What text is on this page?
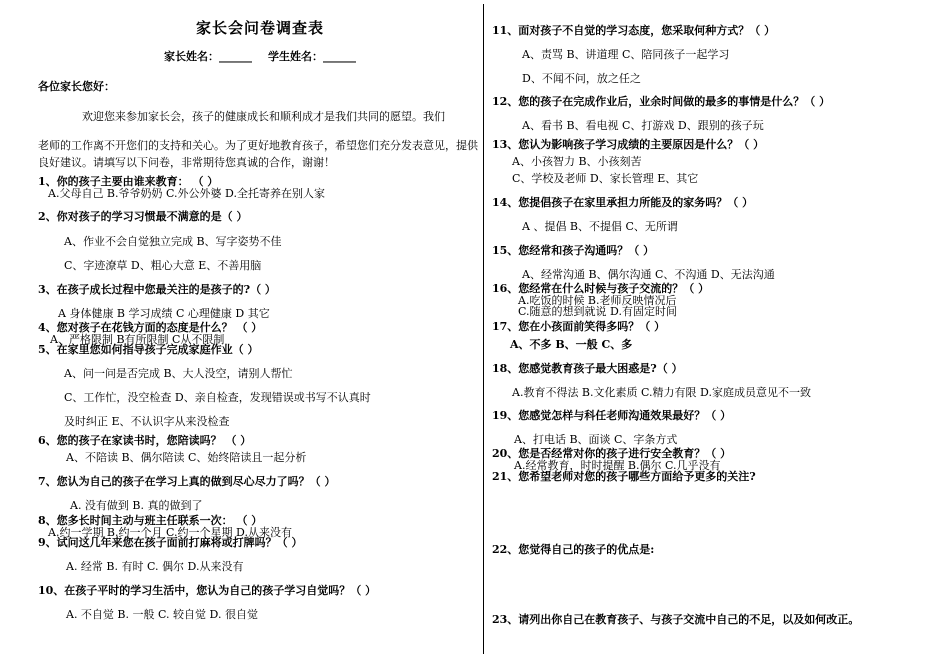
家长会问卷调查表
家长姓名：______ 学生姓名：______
各位家长您好：
欢迎您来参加家长会，孩子的健康成长和顺利成才是我们共同的愿望。我们
老师的工作离不开您们的支持和关心。为了更好地教育孩子，希望您们充分发表意见，提供
良好建议。请填写以下问卷，非常期待您真诚的合作，谢谢！
1、你的孩子主要由谁来教育： （ ）
A.父母自己 B.爷爷奶奶 C.外公外婆 D.全托寄养在别人家
2、你对孩子的学习习惯最不满意的是（ ）
A、作业不会自觉独立完成 B、写字姿势不佳
C、字迹潦草 D、粗心大意 E、不善用脑
3、在孩子成长过程中您最关注的是孩子的?（ ）
A 身体健康 B 学习成绩 C 心理健康 D 其它
4、您对孩子在花钱方面的态度是什么？ （ ）
A、严格限制 B有所限制 C从不限制
5、在家里您如何指导孩子完成家庭作业（ ）
A、问一问是否完成 B、大人没空，请别人帮忙
C、工作忙，没空检查 D、亲自检查，发现错误或书写不认真时
及时纠正 E、不认识字从来没检查
6、您的孩子在家读书时，您陪读吗？ （ ）
A、不陪读 B、偶尔陪读 C、始终陪读且一起分析
7、您认为自己的孩子在学习上真的做到尽心尽力了吗？（ ）
A. 没有做到 B. 真的做到了
8、您多长时间主动与班主任联系一次： （ ）
A.约一学期 B.约一个月 C.约一个星期 D.从来没有
9、试问这几年来您在孩子面前打麻将或打牌吗？（ ）
A. 经常 B. 有时 C. 偶尔 D.从来没有
10、在孩子平时的学习生活中，您认为自己的孩子学习自觉吗？（ ）
A. 不自觉 B. 一般 C. 较自觉 D. 很自觉
11、面对孩子不自觉的学习态度，您采取何种方式？（ ）
A、责骂 B、讲道理 C、陪同孩子一起学习
D、不闻不问，放之任之
12、您的孩子在完成作业后，业余时间做的最多的事情是什么？（ ）
A、看书 B、看电视 C、打游戏 D、跟别的孩子玩
13、您认为影响孩子学习成绩的主要原因是什么？（ ）
A、小孩智力 B、小孩刻苦
C、学校及老师 D、家长管理 E、其它
14、您提倡孩子在家里承担力所能及的家务吗？（ ）
A 、提倡 B、不提倡 C、无所谓
15、您经常和孩子沟通吗？（ ）
A、经常沟通 B、偶尔沟通 C、不沟通 D、无法沟通
16、您经常在什么时候与孩子交流的？（ ）
A.吃饭的时候 B.老师反映情况后
C.随意的想到就说 D.有固定时间
17、您在小孩面前笑得多吗？（ ）
A、不多 B、一般 C、多
18、您感觉教育孩子最大困惑是?（ ）
A.教育不得法 B.文化素质 C.精力有限 D.家庭成员意见不一致
19、您感觉怎样与科任老师沟通效果最好？（ ）
A、打电话 B、面谈 C、字条方式
20、您是否经常对你的孩子进行安全教育？（ ）
A.经常教育，时时提醒 B.偶尔 C.几乎没有
21、您希望老师对您的孩子哪些方面给予更多的关注?
22、您觉得自己的孩子的优点是:
23、请列出你自己在教育孩子、与孩子交流中自己的不足，以及如何改正。
